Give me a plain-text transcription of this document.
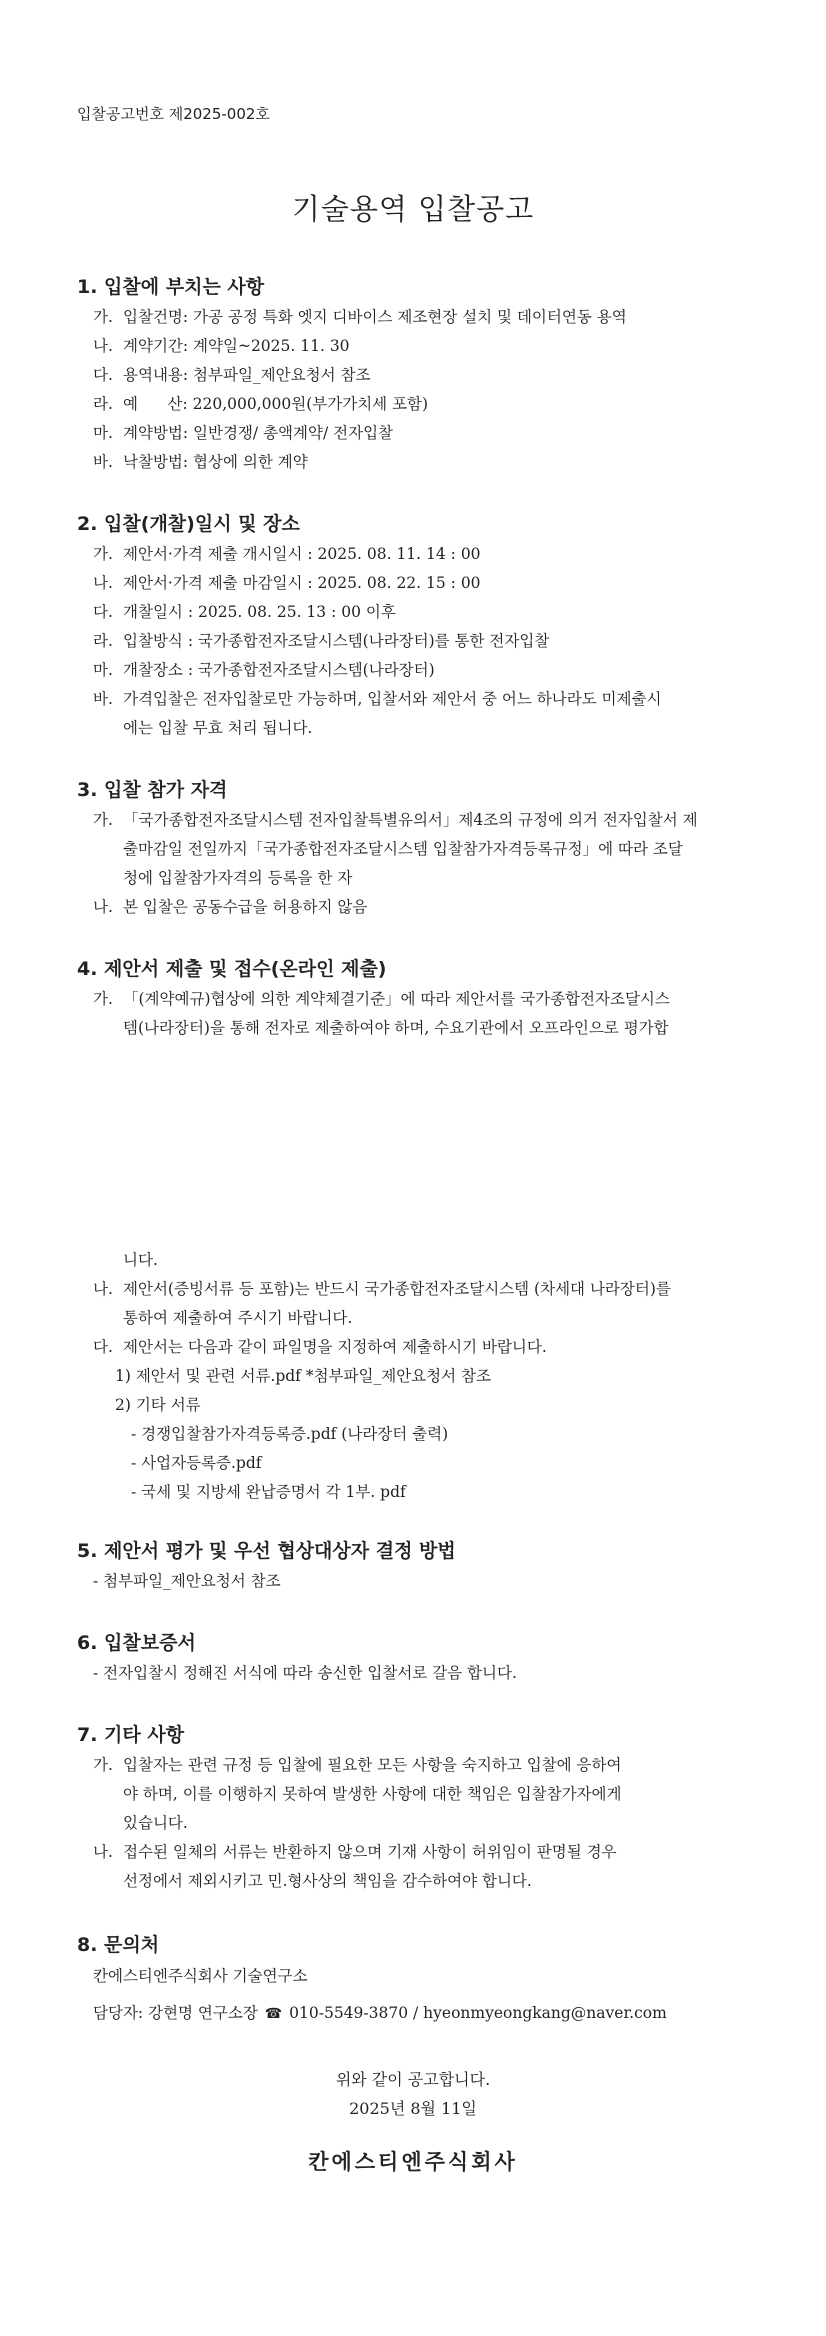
입찰공고번호 제2025-002호
기술용역 입찰공고
1. 입찰에 부치는 사항
가. 입찰건명: 가공 공정 특화 엣지 디바이스 제조현장 설치 및 데이터연동 용역
나. 계약기간: 계약일~2025. 11. 30
다. 용역내용: 첨부파일_제안요청서 참조
라. 예      산: 220,000,000원(부가가치세 포함)
마. 계약방법: 일반경쟁/ 총액계약/ 전자입찰
바. 낙찰방법: 협상에 의한 계약
2. 입찰(개찰)일시 및 장소
가. 제안서·가격 제출 개시일시 : 2025. 08. 11. 14 : 00
나. 제안서·가격 제출 마감일시 : 2025. 08. 22. 15 : 00
다. 개찰일시 : 2025. 08. 25. 13 : 00 이후
라. 입찰방식 : 국가종합전자조달시스템(나라장터)를 통한 전자입찰
마. 개찰장소 : 국가종합전자조달시스템(나라장터)
바. 가격입찰은 전자입찰로만 가능하며, 입찰서와 제안서 중 어느 하나라도 미제출시
에는 입찰 무효 처리 됩니다.
3. 입찰 참가 자격
가. 「국가종합전자조달시스템 전자입찰특별유의서」제4조의 규정에 의거 전자입찰서 제
출마감일 전일까지「국가종합전자조달시스템 입찰참가자격등록규정」에 따라 조달
청에 입찰참가자격의 등록을 한 자
나. 본 입찰은 공동수급을 허용하지 않음
4. 제안서 제출 및 접수(온라인 제출)
가. 「(계약예규)협상에 의한 계약체결기준」에 따라 제안서를 국가종합전자조달시스
템(나라장터)을 통해 전자로 제출하여야 하며, 수요기관에서 오프라인으로 평가합
니다.
나. 제안서(증빙서류 등 포함)는 반드시 국가종합전자조달시스템 (차세대 나라장터)를
통하여 제출하여 주시기 바랍니다.
다. 제안서는 다음과 같이 파일명을 지정하여 제출하시기 바랍니다.
1) 제안서 및 관련 서류.pdf *첨부파일_제안요청서 참조
2) 기타 서류
- 경쟁입찰참가자격등록증.pdf (나라장터 출력)
- 사업자등록증.pdf
- 국세 및 지방세 완납증명서 각 1부. pdf
5. 제안서 평가 및 우선 협상대상자 결정 방법
- 첨부파일_제안요청서 참조
6. 입찰보증서
- 전자입찰시 정해진 서식에 따라 송신한 입찰서로 갈음 합니다.
7. 기타 사항
가. 입찰자는 관련 규정 등 입찰에 필요한 모든 사항을 숙지하고 입찰에 응하여
야 하며, 이를 이행하지 못하여 발생한 사항에 대한 책임은 입찰참가자에게
있습니다.
나. 접수된 일체의 서류는 반환하지 않으며 기재 사항이 허위임이 판명될 경우
선정에서 제외시키고 민.형사상의 책임을 감수하여야 합니다.
8. 문의처
칸에스티엔주식회사 기술연구소
담당자: 강현명 연구소장 ☎ 010-5549-3870 / hyeonmyeongkang@naver.com
위와 같이 공고합니다.
2025년 8월 11일
칸에스티엔주식회사
